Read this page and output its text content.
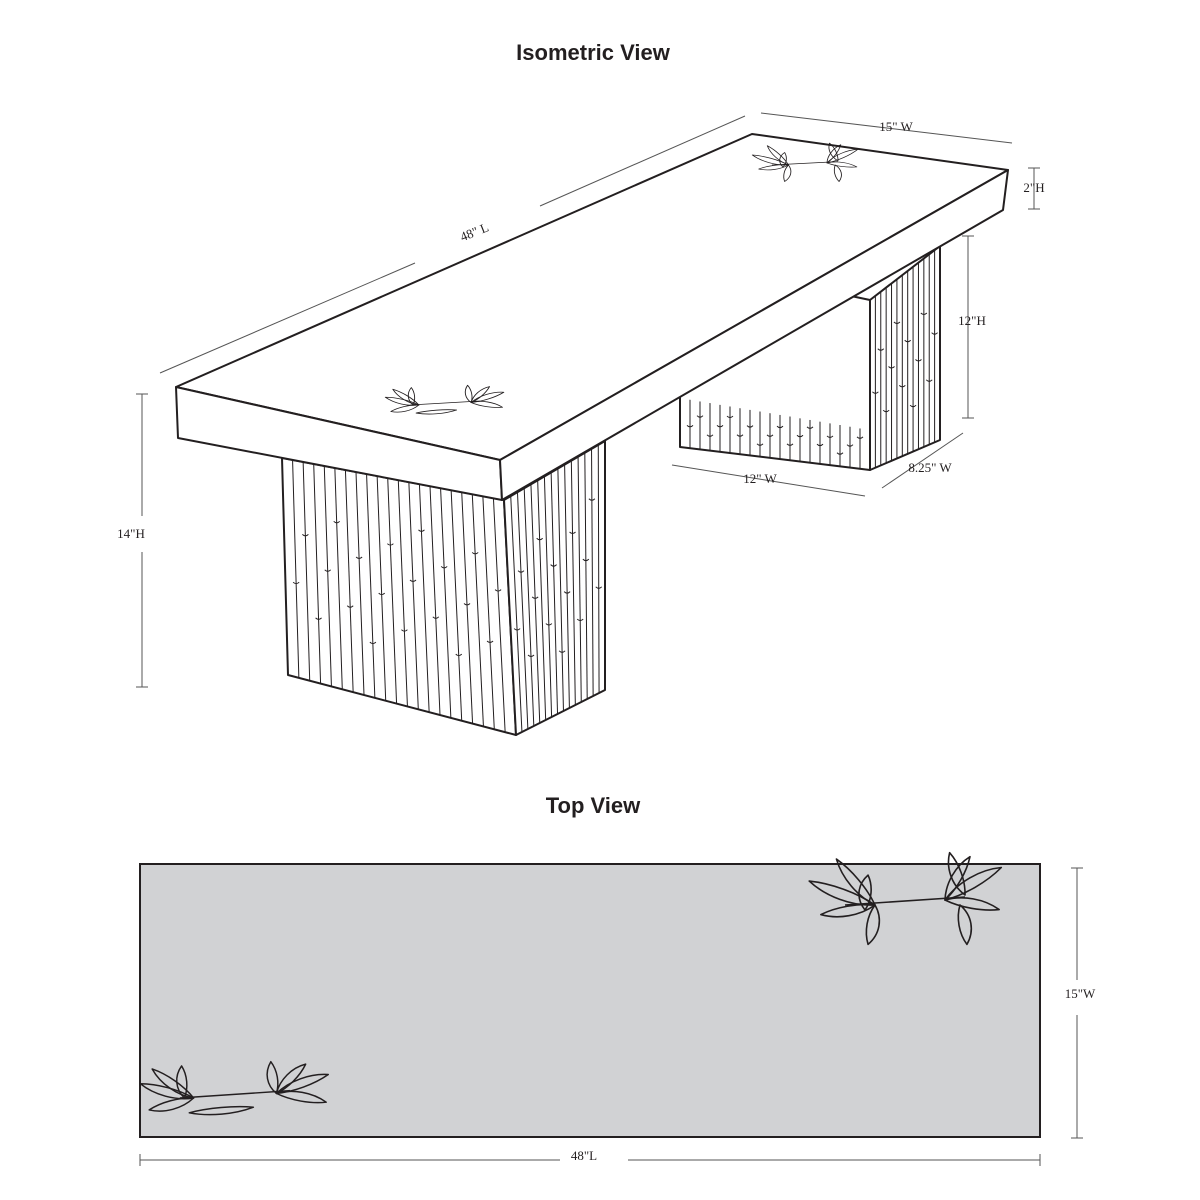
Isometric View
15" W
48" L
2"H
12"H
14"H
12" W
8.25" W
Top View
15"W
48"L
